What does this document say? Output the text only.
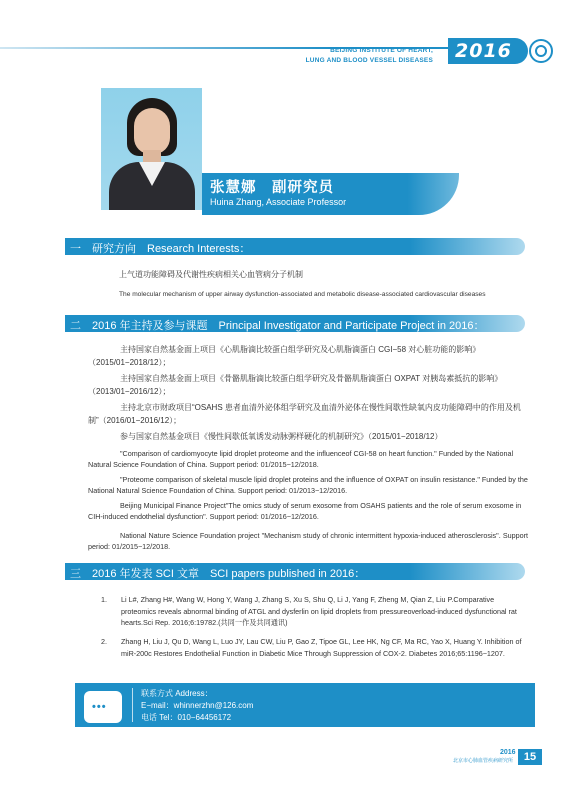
BEIJING INSTITUTE OF HEART,
LUNG AND BLOOD VESSEL DISEASES 2016
张慧娜　副研究员
Huina Zhang, Associate Professor
一　研究方向　Research Interests：
上气道功能障碍及代谢性疾病相关心血管病分子机制
The molecular mechanism of upper airway dysfunction-associated and metabolic disease-associated cardiovascular diseases
二　2016 年主持及参与课题　Principal Investigator and Participate Project in 2016：
主持国家自然基金面上项目《心肌脂滴比较蛋白组学研究及心肌脂滴蛋白 CGI−58 对心脏功能的影响》（2015/01−2018/12）；
主持国家自然基金面上项目《骨骼肌脂滴比较蛋白组学研究及骨骼肌脂滴蛋白 OXPAT 对胰岛素抵抗的影响》（2013/01−2016/12）；
主持北京市财政项目“OSAHS 患者血清外泌体组学研究及血清外泌体在慢性间歇性缺氧内皮功能障碍中的作用及机制”（2016/01−2016/12）；
参与国家自然基金项目《慢性间歇低氧诱发动脉粥样硬化的机制研究》（2015/01−2018/12）
"Comparison of cardiomyocyte lipid droplet proteome and the influenceof CGI-58 on heart function." Funded by the National Natural Science Foundation of China. Support period: 01/2015−12/2018.
"Proteome comparison of skeletal muscle lipid droplet proteins and the influence of OXPAT on insulin resistance." Funded by the National Natural Science Foundation of China. Support period: 01/2013−12/2016.
Beijing Municipal Finance Project"The omics study of serum exosome from OSAHS patients and the role of serum exosome in CIH-induced endothelial dysfunction". Support period: 01/2016−12/2016.
National Nature Science Foundation project "Mechanism study of chronic intermittent hypoxia-induced atherosclerosis". Support period: 01/2015−12/2018.
三　2016 年发表 SCI 文章　SCI papers published in 2016：
1. Li L#, Zhang H#, Wang W, Hong Y, Wang J, Zhang S, Xu S, Shu Q, Li J, Yang F, Zheng M, Qian Z, Liu P.Comparative proteomics reveals abnormal binding of ATGL and dysferlin on lipid droplets from pressureoverload-induced dysfunctional rat hearts.Sci Rep. 2016;6:19782.(共同一作及共同通讯)
2. Zhang H, Liu J, Qu D, Wang L, Luo JY, Lau CW, Liu P, Gao Z, Tipoe GL, Lee HK, Ng CF, Ma RC, Yao X, Huang Y. Inhibition of miR-200c Restores Endothelial Function in Diabetic Mice Through Suppression of COX-2. Diabetes 2016;65:1196−1207.
•••
联系方式 Address：
E−mail：whinnerzhn@126.com
电话 Tel：010−64456172
2016
北京市心肺血管疾病研究所 15
